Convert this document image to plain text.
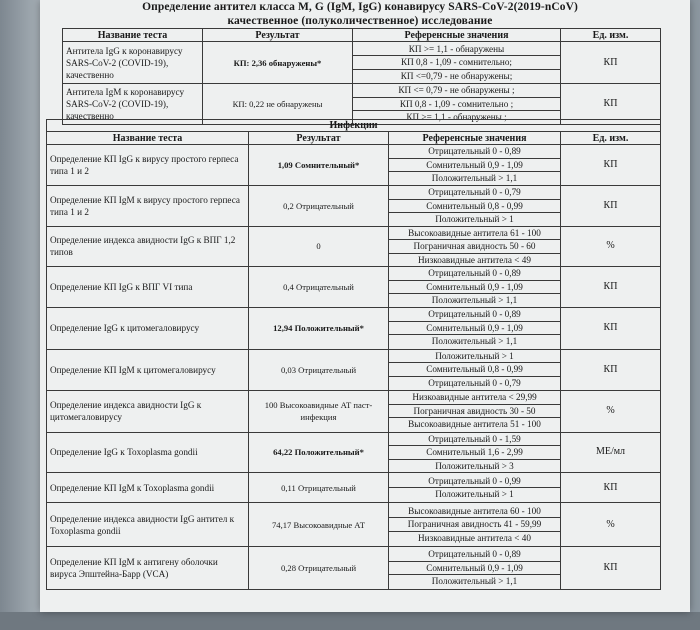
Определение антител класса M, G (IgM, IgG) конавирусу SARS-CoV-2(2019-nCoV)
качественное (полуколичественное) исследование
Название теста	Результат	Референсные значения	Ед. изм.
Антитела IgG к коронавирусу SARS-CoV-2 (COVID-19), качественно	КП: 2,36 обнаружены*	КП >= 1,1 - обнаружены
КП 0,8 - 1,09 - сомнительно;
КП <=0,79 - не обнаружены;	КП
Антитела IgM к коронавирусу SARS-CoV-2 (COVID-19), качественно	КП: 0,22 не обнаружены	КП <= 0,79 - не обнаружены ;
КП 0,8 - 1,09 - сомнительно ;
КП >= 1,1 - обнаружены ;	КП
Инфекции			
Название теста	Результат	Референсные значения	Ед. изм.
Определение КП IgG к вирусу простого герпеса типа 1 и 2	1,09 Сомнительный*	Отрицательный 0 - 0,89
Сомнительный 0,9 - 1,09
Положительный > 1,1	КП
Определение КП IgM к вирусу простого герпеса типа 1 и 2	0,2 Отрицательный	Отрицательный 0 - 0,79
Сомнительный 0,8 - 0,99
Положительный > 1	КП
Определение индекса авидности IgG к ВПГ 1,2 типов	0	Высокоавидные антитела 61 - 100
Пограничная авидность 50 - 60
Низкоавидные антитела < 49	%
Определение КП IgG к ВПГ VI типа	0,4 Отрицательный	Отрицательный 0 - 0,89
Сомнительный 0,9 - 1,09
Положительный > 1,1	КП
Определение IgG к цитомегаловирусу	12,94 Положительный*	Отрицательный 0 - 0,89
Сомнительный 0,9 - 1,09
Положительный > 1,1	КП
Определение КП IgM к цитомегаловирусу	0,03 Отрицательный	Положительный > 1
Сомнительный 0,8 - 0,99
Отрицательный 0 - 0,79	КП
Определение индекса авидности IgG к цитомегаловирусу	100 Высокоавидные АТ паст-инфекция	Низкоавидные антитела < 29,99
Пограничная авидность 30 - 50
Высокоавидные антитела 51 - 100	%
Определение IgG к Toxoplasma gondii	64,22 Положительный*	Отрицательный 0 - 1,59
Сомнительный 1,6 - 2,99
Положительный > 3	МЕ/мл
Определение КП IgM к Toxoplasma gondii	0,11 Отрицательный	Отрицательный 0 - 0,99
Положительный > 1	КП
Определение индекса авидности IgG антител к Toxoplasma gondii	74,17 Высокоавидные АТ	Высокоавидные антитела 60 - 100
Пограничная авидность 41 - 59,99
Низкоавидные антитела < 40	%
Определение КП IgM к антигену оболочки вируса Эпштейна-Барр (VCA)	0,28 Отрицательный	Отрицательный 0 - 0,89
Сомнительный 0,9 - 1,09
Положительный > 1,1	КП
